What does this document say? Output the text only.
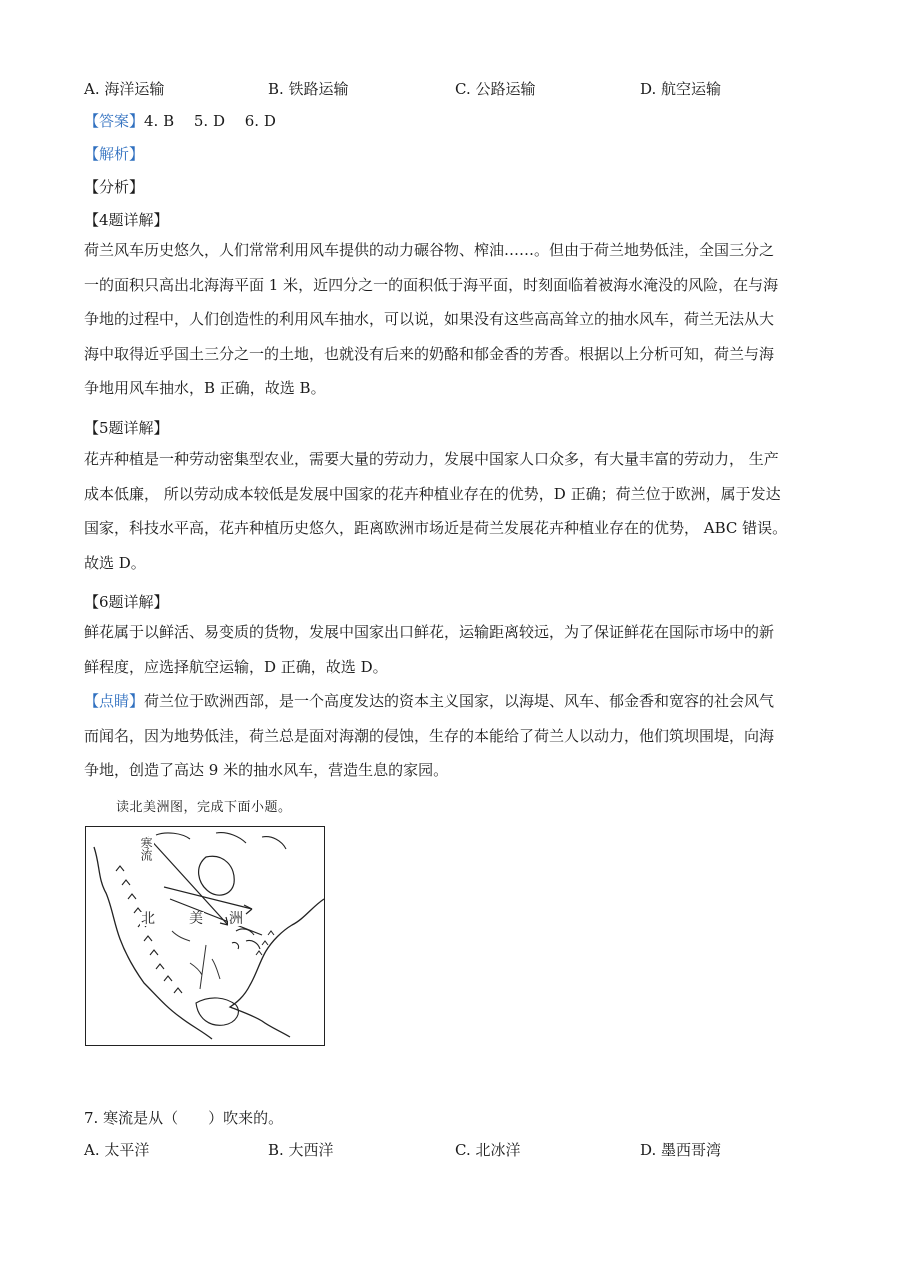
A. 海洋运输	B. 铁路运输	C. 公路运输	D. 航空运输
【答案】4. B　 5. D　 6. D
【解析】
【分析】
【4题详解】
荷兰风车历史悠久，人们常常利用风车提供的动力碾谷物、榨油……。但由于荷兰地势低洼，全国三分之
一的面积只高出北海海平面 1 米，近四分之一的面积低于海平面，时刻面临着被海水淹没的风险，在与海
争地的过程中，人们创造性的利用风车抽水，可以说，如果没有这些高高耸立的抽水风车，荷兰无法从大
海中取得近乎国土三分之一的土地，也就没有后来的奶酪和郁金香的芳香。根据以上分析可知，荷兰与海
争地用风车抽水，B 正确，故选 B。
【5题详解】
花卉种植是一种劳动密集型农业，需要大量的劳动力，发展中国家人口众多，有大量丰富的劳动力， 生产
成本低廉， 所以劳动成本较低是发展中国家的花卉种植业存在的优势，D 正确；荷兰位于欧洲，属于发达
国家，科技水平高，花卉种植历史悠久，距离欧洲市场近是荷兰发展花卉种植业存在的优势， ABC 错误。
故选 D。
【6题详解】
鲜花属于以鲜活、易变质的货物，发展中国家出口鲜花，运输距离较远，为了保证鲜花在国际市场中的新
鲜程度，应选择航空运输，D 正确，故选 D。
【点睛】荷兰位于欧洲西部，是一个高度发达的资本主义国家，以海堤、风车、郁金香和宽容的社会风气
而闻名，因为地势低洼，荷兰总是面对海潮的侵蚀，生存的本能给了荷兰人以动力，他们筑坝围堤，向海
争地，创造了高达 9 米的抽水风车，营造生息的家园。
读北美洲图，完成下面小题。
寒流
北 美 洲
7. 寒流是从（　　）吹来的。
A. 太平洋	B. 大西洋	C. 北冰洋	D. 墨西哥湾
